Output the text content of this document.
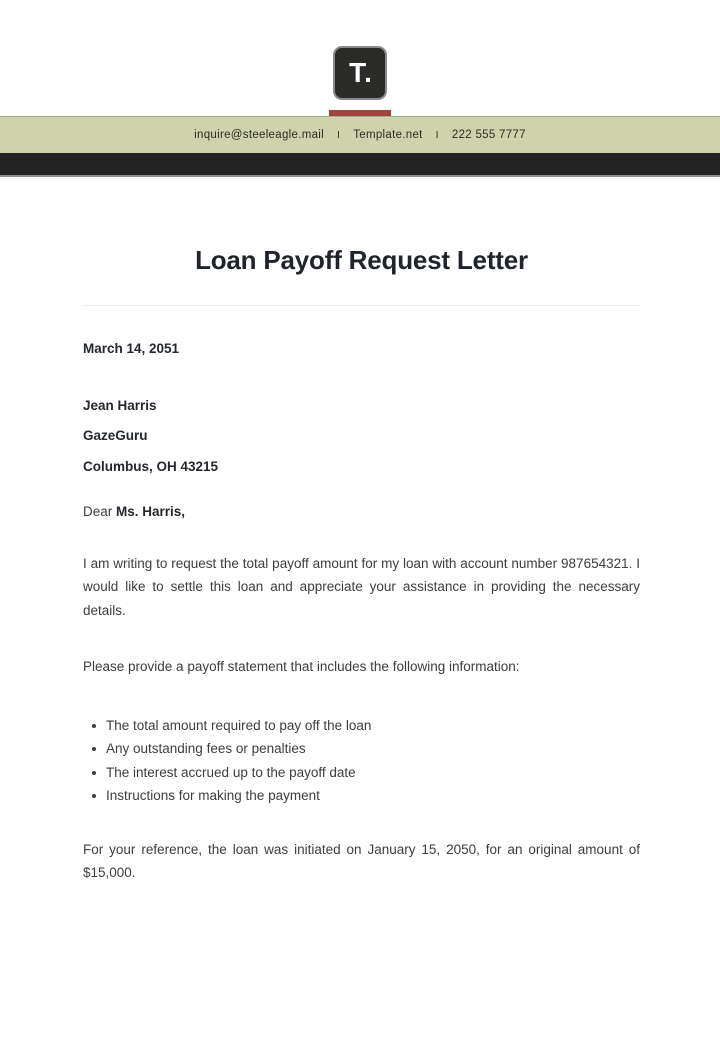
T.
inquire@steeleagle.mail I Template.net I 222 555 7777
Loan Payoff Request Letter

March 14, 2051

Jean Harris

GazeGuru

Columbus, OH 43215

Dear Ms. Harris,

I am writing to request the total payoff amount for my loan with account number 987654321. I would like to settle this loan and appreciate your assistance in providing the necessary details.

Please provide a payoff statement that includes the following information:

The total amount required to pay off the loan
Any outstanding fees or penalties
The interest accrued up to the payoff date
Instructions for making the payment

For your reference, the loan was initiated on January 15, 2050, for an original amount of $15,000.
